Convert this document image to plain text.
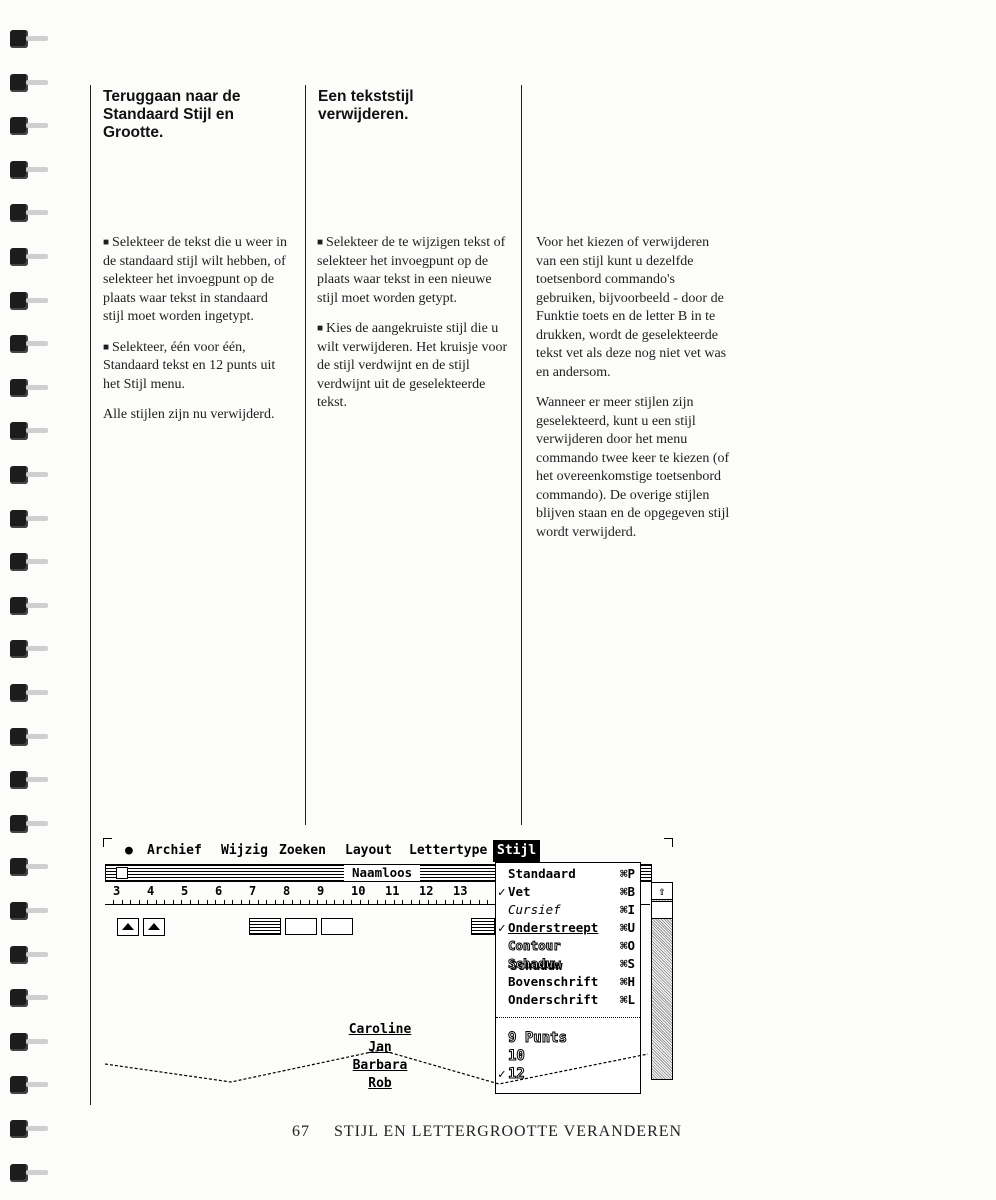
Teruggaan naar de Standaard Stijl en Grootte.

■ Selekteer de tekst die u weer in de standaard stijl wilt hebben, of selekteer het invoegpunt op de plaats waar tekst in standaard stijl moet worden ingetypt.

■ Selekteer, één voor één, Standaard tekst en 12 punts uit het Stijl menu.

Alle stijlen zijn nu verwijderd.

Een tekststijl verwijderen.

■ Selekteer de te wijzigen tekst of selekteer het invoegpunt op de plaats waar tekst in een nieuwe stijl moet worden getypt.

■ Kies de aangekruiste stijl die u wilt verwijderen. Het kruisje voor de stijl verdwijnt en de stijl verdwijnt uit de geselekteerde tekst.

Voor het kiezen of verwijderen van een stijl kunt u dezelfde toetsenbord commando's gebruiken, bijvoorbeeld - door de Funktie toets en de letter B in te drukken, wordt de geselekteerde tekst vet als deze nog niet vet was en andersom.

Wanneer er meer stijlen zijn geselekteerd, kunt u een stijl verwijderen door het menu commando twee keer te kiezen (of het overeenkomstige toetsenbord commando). De overige stijlen blijven staan en de opgegeven stijl wordt verwijderd.

● Archief Wijzig Zoeken Layout Lettertype Stijl
Naamloos
3 4 5 6 7 8 9 10 11 12 13
Caroline
Jan
Barbara
Rob
⇧
Standaard	⌘P
✓ Vet	⌘B
Cursief	⌘I
✓ Onderstreept ⌘U
Contour	⌘O
Schaduw	⌘S
Bovenschrift ⌘H
Onderschrift ⌘L
9 Punts
10
✓ 12
67 STIJL EN LETTERGROOTTE VERANDEREN
